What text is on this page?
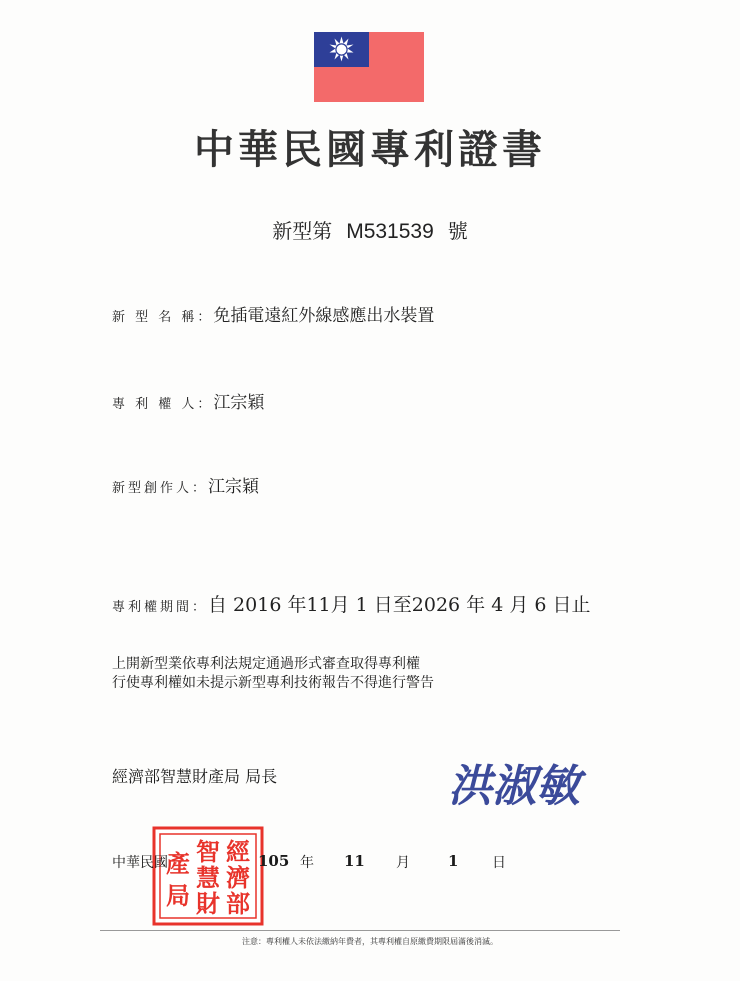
中華民國專利證書
新型第 M531539 號
新 型 名 稱：免插電遠紅外線感應出水裝置
專 利 權 人：江宗穎
新型創作人：江宗穎
專利權期間：自 2016 年11月 1 日至2026 年 4 月 6 日止
上開新型業依專利法規定通過形式審查取得專利權
行使專利權如未提示新型專利技術報告不得進行警告
經濟部智慧財產局 局長	洪淑敏
經
濟
部
智
慧
財
產
局
中華民國	105 年 11 月	1 日
注意：專利權人未依法繳納年費者，其專利權自原繳費期限屆滿後消滅。
